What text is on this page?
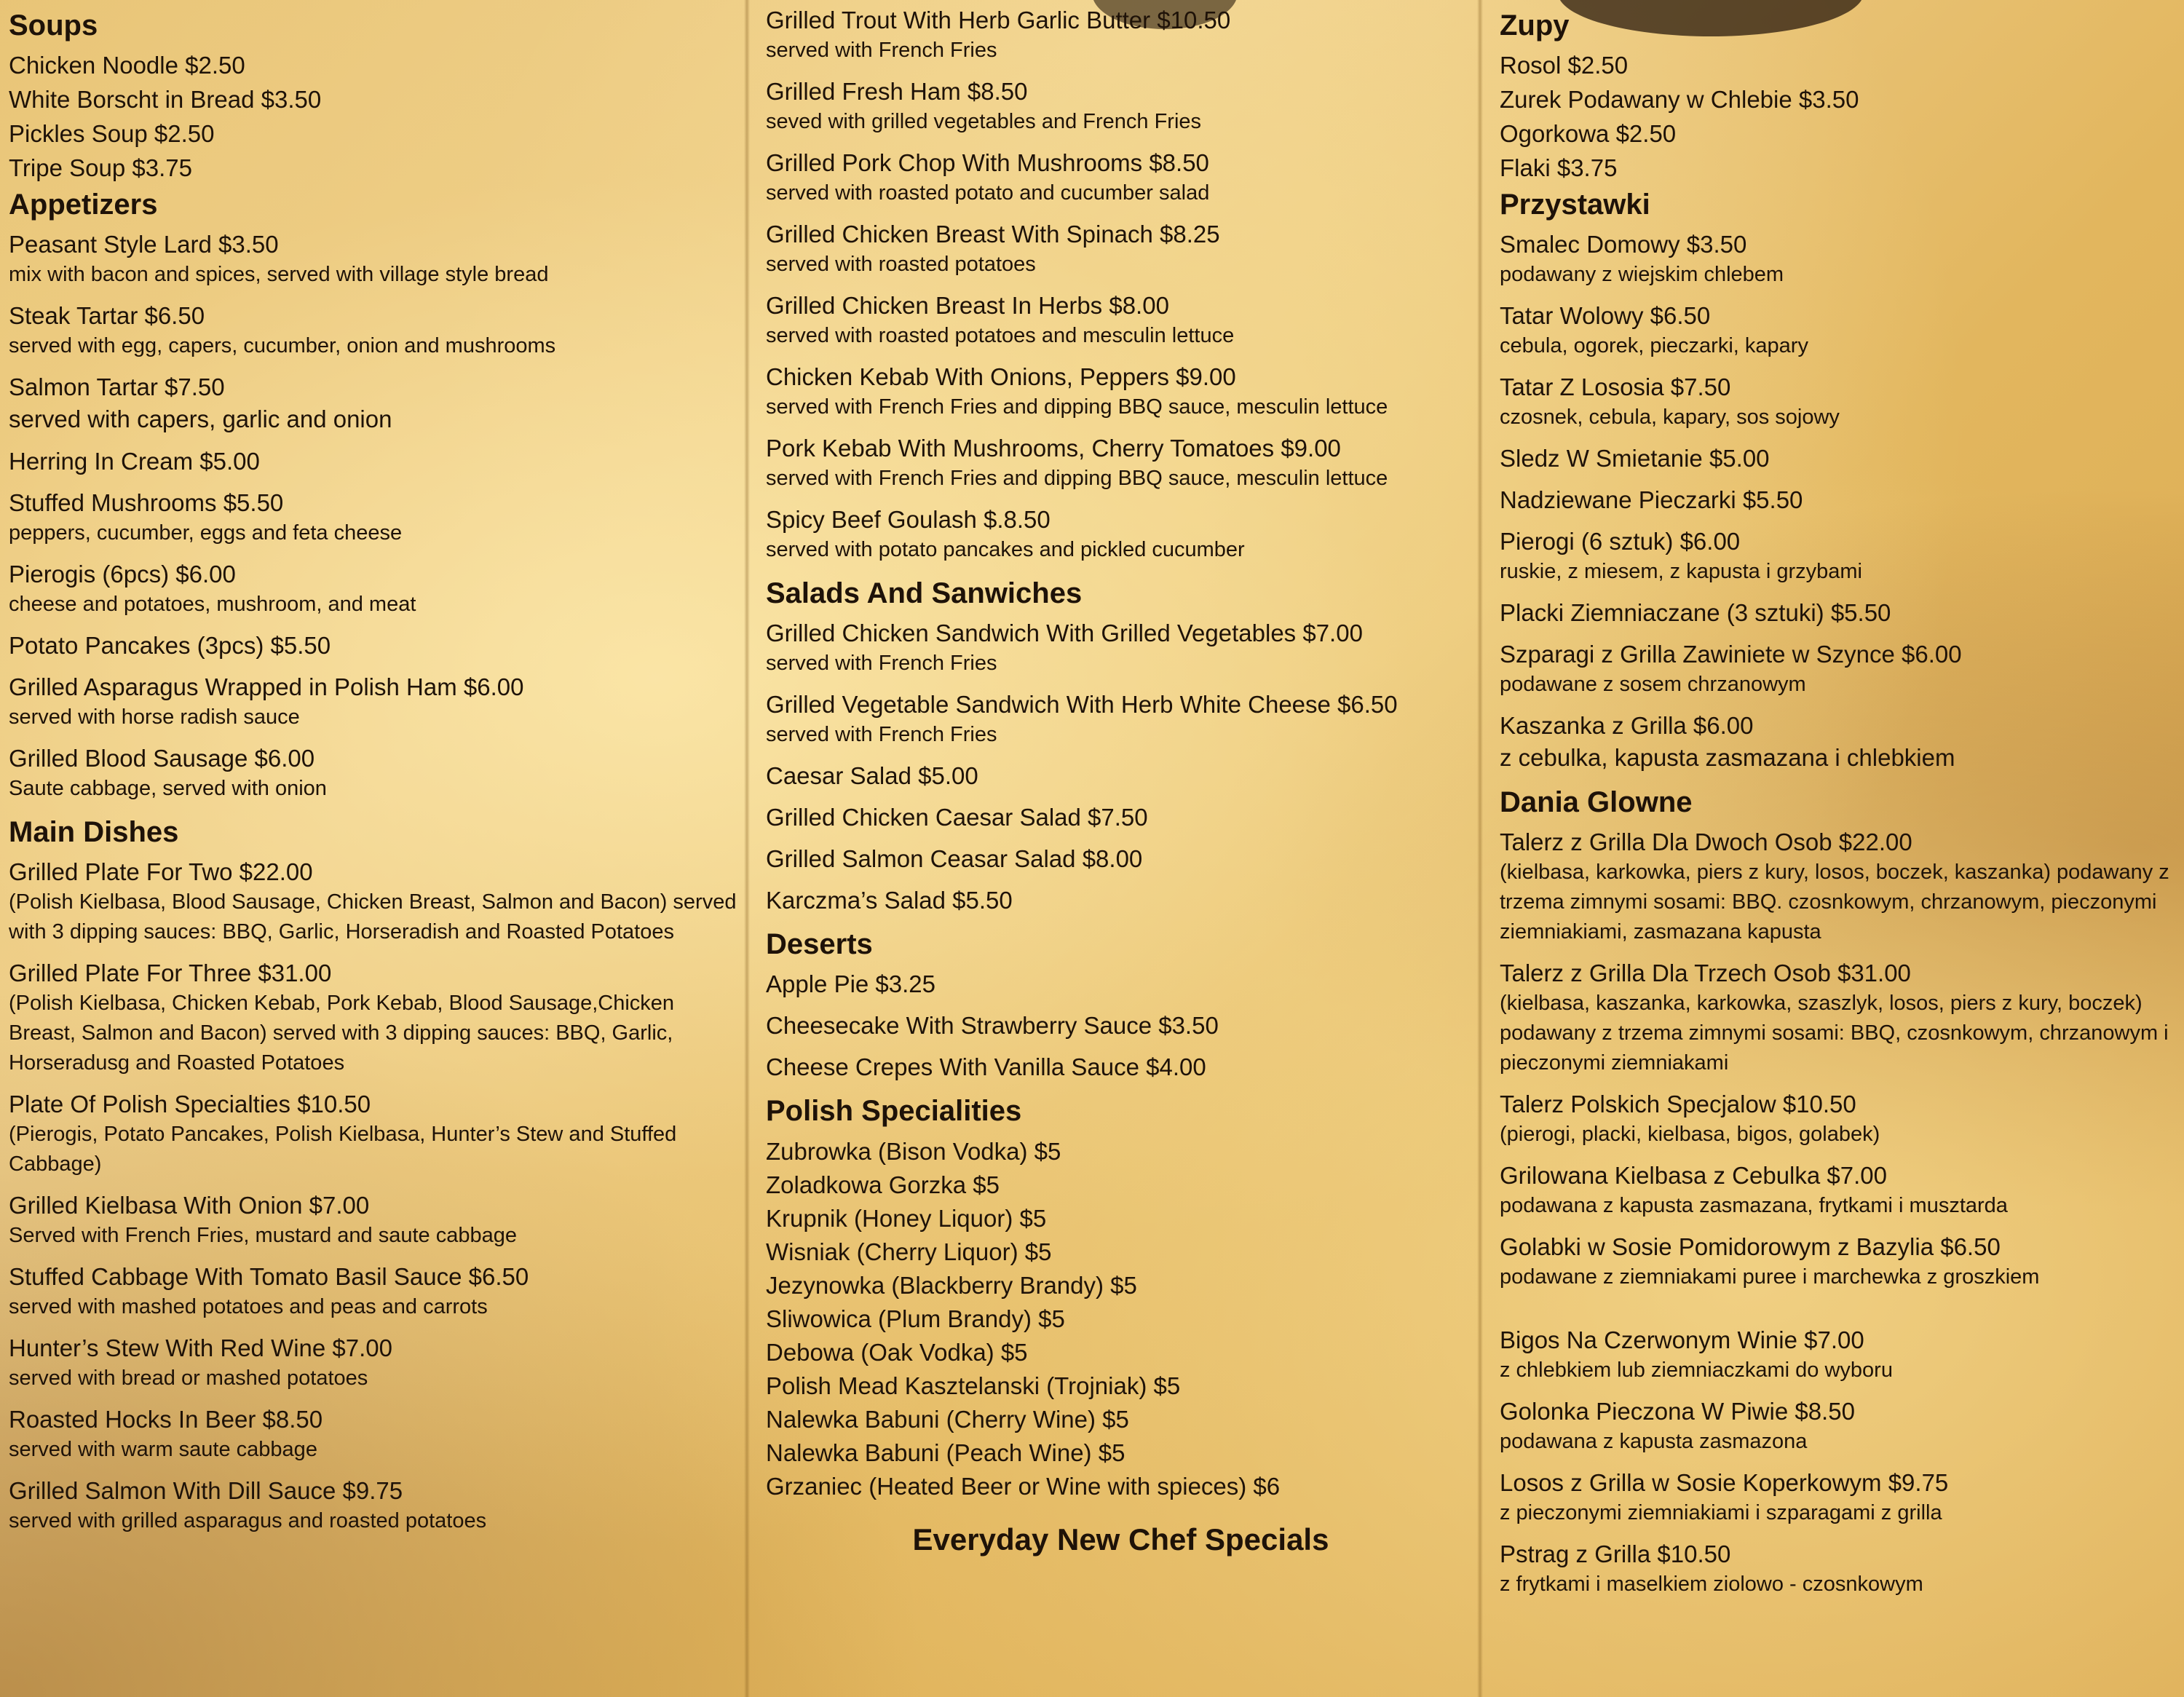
Soups
Chicken Noodle $2.50
White Borscht in Bread $3.50
Pickles Soup $2.50
Tripe Soup $3.75
Appetizers
Peasant Style Lard $3.50
mix with bacon and spices, served with village style bread
Steak Tartar $6.50
served with egg, capers, cucumber, onion and mushrooms
Salmon Tartar $7.50
served with capers, garlic and onion
Herring In Cream $5.00
Stuffed Mushrooms $5.50
peppers, cucumber, eggs and feta cheese
Pierogis (6pcs) $6.00
cheese and potatoes, mushroom, and meat
Potato Pancakes (3pcs) $5.50
Grilled Asparagus Wrapped in Polish Ham $6.00
served with horse radish sauce
Grilled Blood Sausage $6.00
Saute cabbage, served with onion
Main Dishes
Grilled Plate For Two $22.00
(Polish Kielbasa, Blood Sausage, Chicken Breast, Salmon and Bacon) served with 3 dipping sauces: BBQ, Garlic, Horseradish and Roasted Potatoes
Grilled Plate For Three $31.00
(Polish Kielbasa, Chicken Kebab, Pork Kebab, Blood Sausage,Chicken Breast, Salmon and Bacon) served with 3 dipping sauces: BBQ, Garlic, Horseradusg and Roasted Potatoes
Plate Of Polish Specialties $10.50
(Pierogis, Potato Pancakes, Polish Kielbasa, Hunter’s Stew and Stuffed Cabbage)
Grilled Kielbasa With Onion $7.00
Served with French Fries, mustard and saute cabbage
Stuffed Cabbage With Tomato Basil Sauce $6.50
served with mashed potatoes and peas and carrots
Hunter’s Stew With Red Wine $7.00
served with bread or mashed potatoes
Roasted Hocks In Beer $8.50
served with warm saute cabbage
Grilled Salmon With Dill Sauce $9.75
served with grilled asparagus and roasted potatoes
Grilled Trout With Herb Garlic Butter $10.50
served with French Fries
Grilled Fresh Ham $8.50
seved with grilled vegetables and French Fries
Grilled Pork Chop With Mushrooms $8.50
served with roasted potato and cucumber salad
Grilled Chicken Breast With Spinach $8.25
served with roasted potatoes
Grilled Chicken Breast In Herbs $8.00
served with roasted potatoes and mesculin lettuce
Chicken Kebab With Onions, Peppers $9.00
served with French Fries and dipping BBQ sauce, mesculin lettuce
Pork Kebab With Mushrooms, Cherry Tomatoes $9.00
served with French Fries and dipping BBQ sauce, mesculin lettuce
Spicy Beef Goulash $.8.50
served with potato pancakes and pickled cucumber
Salads And Sanwiches
Grilled Chicken Sandwich With Grilled Vegetables $7.00
served with French Fries
Grilled Vegetable Sandwich With Herb White Cheese $6.50
served with French Fries
Caesar Salad $5.00
Grilled Chicken Caesar Salad $7.50
Grilled Salmon Ceasar Salad $8.00
Karczma’s Salad $5.50
Deserts
Apple Pie $3.25
Cheesecake With Strawberry Sauce $3.50
Cheese Crepes With Vanilla Sauce $4.00
Polish Specialities
Zubrowka (Bison Vodka) $5
Zoladkowa Gorzka $5
Krupnik (Honey Liquor) $5
Wisniak (Cherry Liquor) $5
Jezynowka (Blackberry Brandy) $5
Sliwowica (Plum Brandy) $5
Debowa (Oak Vodka) $5
Polish Mead Kasztelanski (Trojniak) $5
Nalewka Babuni (Cherry Wine) $5
Nalewka Babuni (Peach Wine) $5
Grzaniec (Heated Beer or Wine with spieces) $6
Everyday New Chef Specials
Zupy
Rosol $2.50
Zurek Podawany w Chlebie $3.50
Ogorkowa $2.50
Flaki $3.75
Przystawki
Smalec Domowy $3.50
podawany z wiejskim chlebem
Tatar Wolowy $6.50
cebula, ogorek, pieczarki, kapary
Tatar Z Lososia $7.50
czosnek, cebula, kapary, sos sojowy
Sledz W Smietanie $5.00
Nadziewane Pieczarki $5.50
Pierogi (6 sztuk) $6.00
ruskie, z miesem, z kapusta i grzybami
Placki Ziemniaczane (3 sztuki) $5.50
Szparagi z Grilla Zawiniete w Szynce $6.00
podawane z sosem chrzanowym
Kaszanka z Grilla $6.00
z cebulka, kapusta zasmazana i chlebkiem
Dania Glowne
Talerz z Grilla Dla Dwoch Osob $22.00
(kielbasa, karkowka, piers z kury, losos, boczek, kaszanka) podawany z trzema zimnymi sosami: BBQ. czosnkowym, chrzanowym, pieczonymi ziemniakiami, zasmazana kapusta
Talerz z Grilla Dla Trzech Osob $31.00
(kielbasa, kaszanka, karkowka, szaszlyk, losos, piers z kury, boczek) podawany z trzema zimnymi sosami: BBQ, czosnkowym, chrzanowym i pieczonymi ziemniakami
Talerz Polskich Specjalow $10.50
(pierogi, placki, kielbasa, bigos, golabek)
Grilowana Kielbasa z Cebulka $7.00
podawana z kapusta zasmazana, frytkami i musztarda
Golabki w Sosie Pomidorowym z Bazylia $6.50
podawane z ziemniakami puree i marchewka z groszkiem
Bigos Na Czerwonym Winie $7.00
z chlebkiem lub ziemniaczkami do wyboru
Golonka Pieczona W Piwie $8.50
podawana z kapusta zasmazona
Losos z Grilla w Sosie Koperkowym $9.75
z pieczonymi ziemniakiami i szparagami z grilla
Pstrag z Grilla $10.50
z frytkami i maselkiem ziolowo - czosnkowym
